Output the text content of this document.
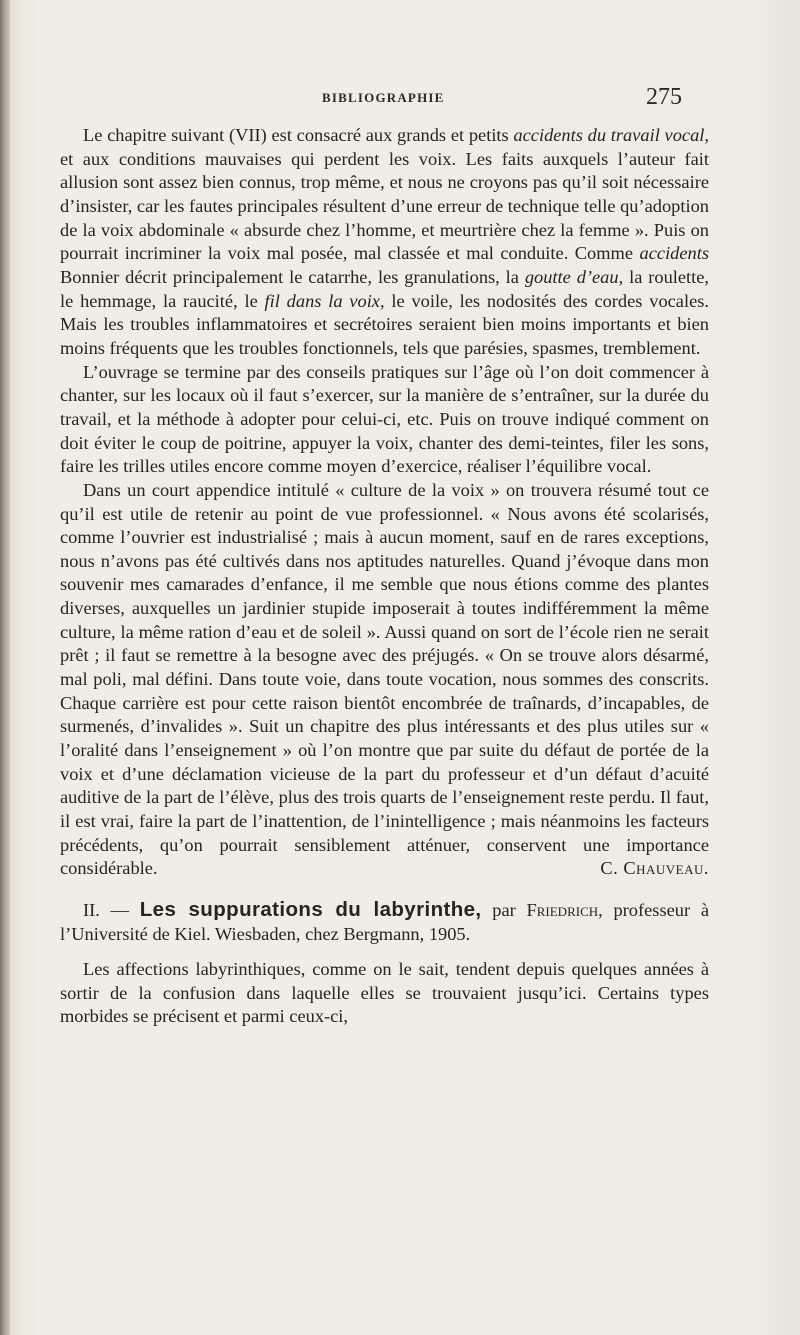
BIBLIOGRAPHIE	275

Le chapitre suivant (VII) est consacré aux grands et petits accidents du travail vocal, et aux conditions mauvaises qui perdent les voix. Les faits auxquels l’auteur fait allusion sont assez bien connus, trop même, et nous ne croyons pas qu’il soit nécessaire d’insister, car les fautes principales résultent d’une erreur de technique telle qu’adoption de la voix abdominale « absurde chez l’homme, et meurtrière chez la femme ». Puis on pourrait incriminer la voix mal posée, mal classée et mal conduite. Comme accidents Bonnier décrit principalement le catarrhe, les granulations, la goutte d’eau, la roulette, le hemmage, la raucité, le fil dans la voix, le voile, les nodosités des cordes vocales. Mais les troubles inflammatoires et secrétoires seraient bien moins importants et bien moins fréquents que les troubles fonctionnels, tels que parésies, spasmes, tremblement.

L’ouvrage se termine par des conseils pratiques sur l’âge où l’on doit commencer à chanter, sur les locaux où il faut s’exercer, sur la manière de s’entraîner, sur la durée du travail, et la méthode à adopter pour celui-ci, etc. Puis on trouve indiqué comment on doit éviter le coup de poitrine, appuyer la voix, chanter des demi-teintes, filer les sons, faire les trilles utiles encore comme moyen d’exercice, réaliser l’équilibre vocal.

Dans un court appendice intitulé « culture de la voix » on trouvera résumé tout ce qu’il est utile de retenir au point de vue professionnel. « Nous avons été scolarisés, comme l’ouvrier est industrialisé ; mais à aucun moment, sauf en de rares exceptions, nous n’avons pas été cultivés dans nos aptitudes naturelles. Quand j’évoque dans mon souvenir mes camarades d’enfance, il me semble que nous étions comme des plantes diverses, auxquelles un jardinier stupide imposerait à toutes indifféremment la même culture, la même ration d’eau et de soleil ». Aussi quand on sort de l’école rien ne serait prêt ; il faut se remettre à la besogne avec des préjugés. « On se trouve alors désarmé, mal poli, mal défini. Dans toute voie, dans toute vocation, nous sommes des conscrits. Chaque carrière est pour cette raison bientôt encombrée de traînards, d’incapables, de surmenés, d’invalides ». Suit un chapitre des plus intéressants et des plus utiles sur « l’oralité dans l’enseignement » où l’on montre que par suite du défaut de portée de la voix et d’une déclamation vicieuse de la part du professeur et d’un défaut d’acuité auditive de la part de l’élève, plus des trois quarts de l’enseignement reste perdu. Il faut, il est vrai, faire la part de l’inattention, de l’inintelligence ; mais néanmoins les facteurs précédents, qu’on pourrait sensiblement atténuer, conservent une importance considérable.	C. Chauveau.

II. — Les suppurations du labyrinthe, par Friedrich, professeur à l’Université de Kiel. Wiesbaden, chez Bergmann, 1905.

Les affections labyrinthiques, comme on le sait, tendent depuis quelques années à sortir de la confusion dans laquelle elles se trouvaient jusqu’ici. Certains types morbides se précisent et parmi ceux-ci,
